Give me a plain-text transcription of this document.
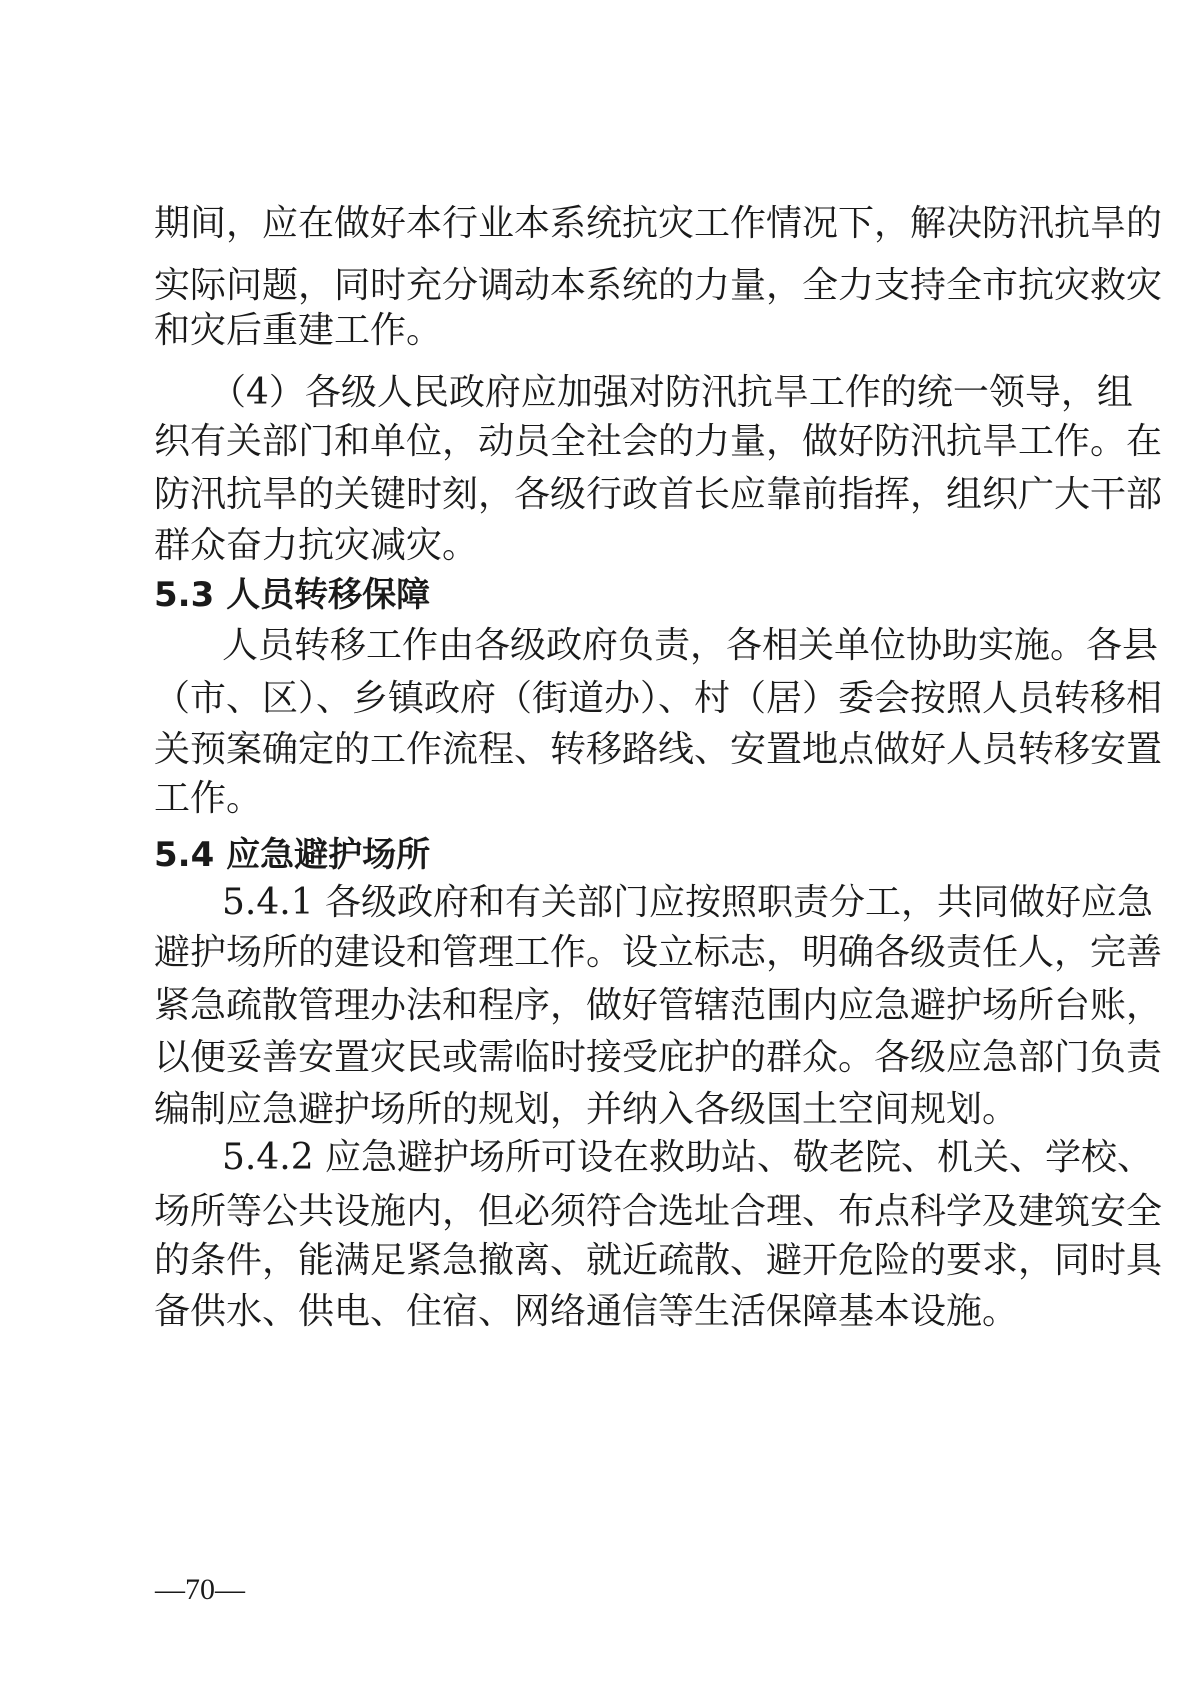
期间，应在做好本行业本系统抗灾工作情况下，解决防汛抗旱的
实际问题，同时充分调动本系统的力量，全力支持全市抗灾救灾
和灾后重建工作。
（4）各级人民政府应加强对防汛抗旱工作的统一领导，组
织有关部门和单位，动员全社会的力量，做好防汛抗旱工作。在
防汛抗旱的关键时刻，各级行政首长应靠前指挥，组织广大干部
群众奋力抗灾减灾。
5.3 人员转移保障
人员转移工作由各级政府负责，各相关单位协助实施。各县
（市、区）、乡镇政府（街道办）、村（居）委会按照人员转移相
关预案确定的工作流程、转移路线、安置地点做好人员转移安置
工作。
5.4 应急避护场所
5.4.1 各级政府和有关部门应按照职责分工，共同做好应急
避护场所的建设和管理工作。设立标志，明确各级责任人，完善
紧急疏散管理办法和程序，做好管辖范围内应急避护场所台账，
以便妥善安置灾民或需临时接受庇护的群众。各级应急部门负责
编制应急避护场所的规划，并纳入各级国土空间规划。
5.4.2 应急避护场所可设在救助站、敬老院、机关、学校、
场所等公共设施内，但必须符合选址合理、布点科学及建筑安全
的条件，能满足紧急撤离、就近疏散、避开危险的要求，同时具
备供水、供电、住宿、网络通信等生活保障基本设施。
—70—
